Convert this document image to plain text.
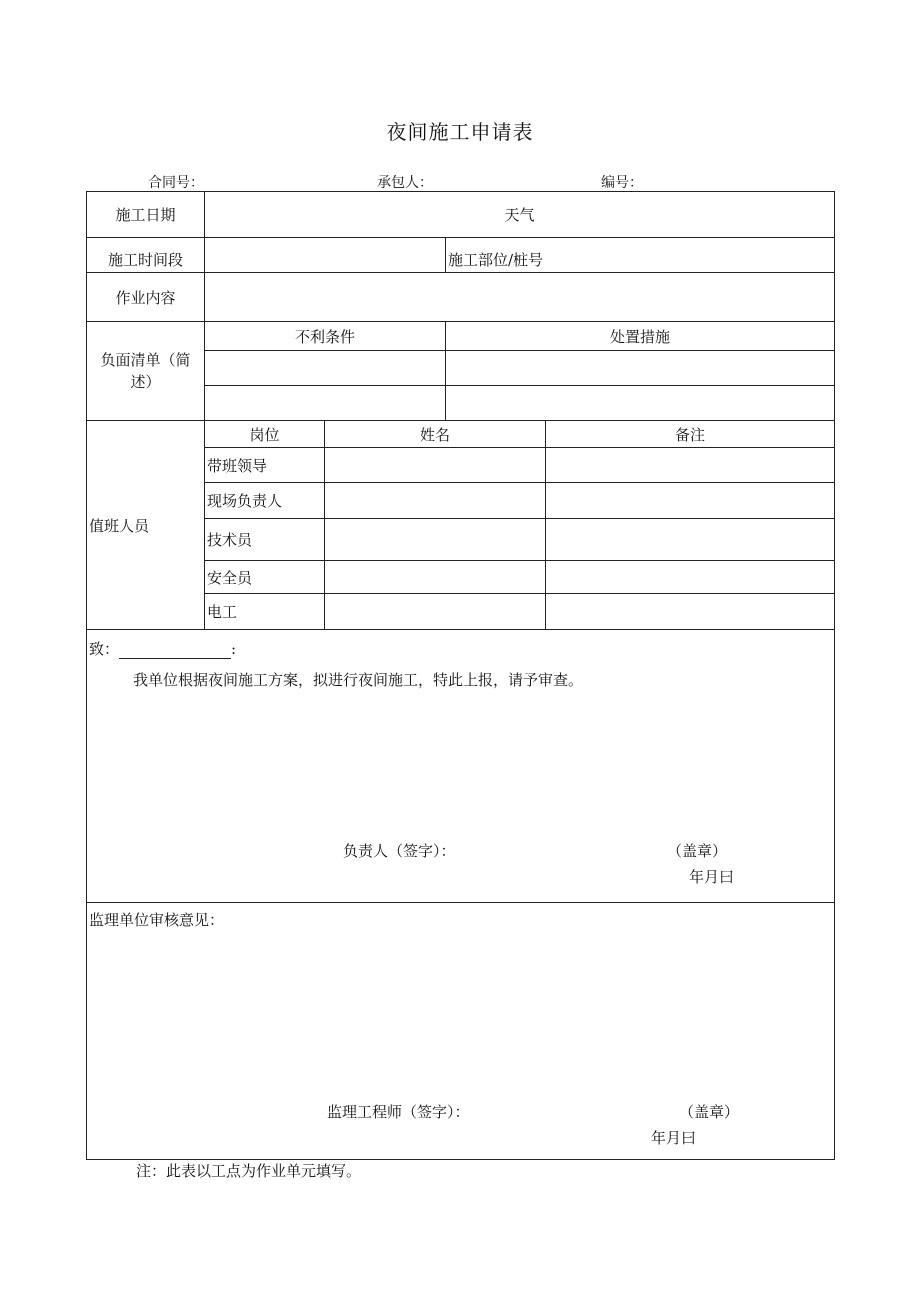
夜间施工申请表
合同号：	承包人：	编号：
施工日期	天气			
施工时间段			施工部位/桩号	
作业内容				
负面清单（简述）	不利条件		处置措施	

值班人员	岗位	姓名		备注
	带班领导			
	现场负责人			
	技术员			
	安全员			
	电工			

致： :
我单位根据夜间施工方案，拟进行夜间施工，特此上报，请予审查。
负责人（签字）： （盖章）
年月曰				

监理单位审核意见：
监理工程师（签字）： （盖章）
年月曰				
注：此表以工点为作业单元填写。
